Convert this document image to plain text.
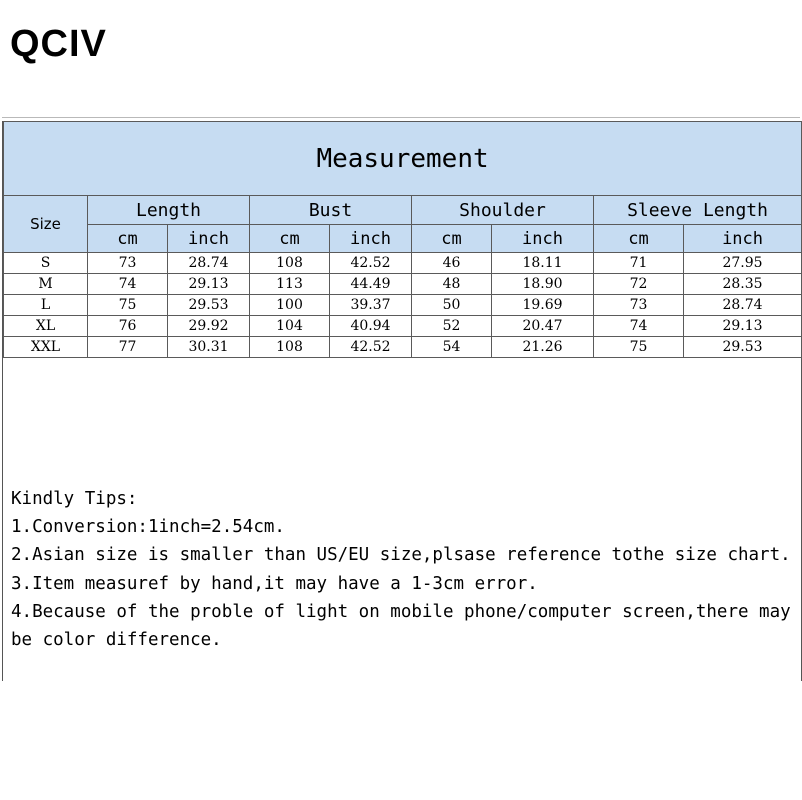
QCIV
Measurement								
Size	Length		Bust		Shoulder		Sleeve Length	
	cm	inch	cm	inch	cm	inch	cm	inch
S	73	28.74	108	42.52	46	18.11	71	27.95
M	74	29.13	113	44.49	48	18.90	72	28.35
L	75	29.53	100	39.37	50	19.69	73	28.74
XL	76	29.92	104	40.94	52	20.47	74	29.13
XXL	77	30.31	108	42.52	54	21.26	75	29.53
Kindly Tips:
1.Conversion:1inch=2.54cm.
2.Asian size is smaller than US/EU size,plsase reference tothe size chart.
3.Item measuref by hand,it may have a 1-3cm error.
4.Because of the proble of light on mobile phone/computer screen,there may be color difference.
